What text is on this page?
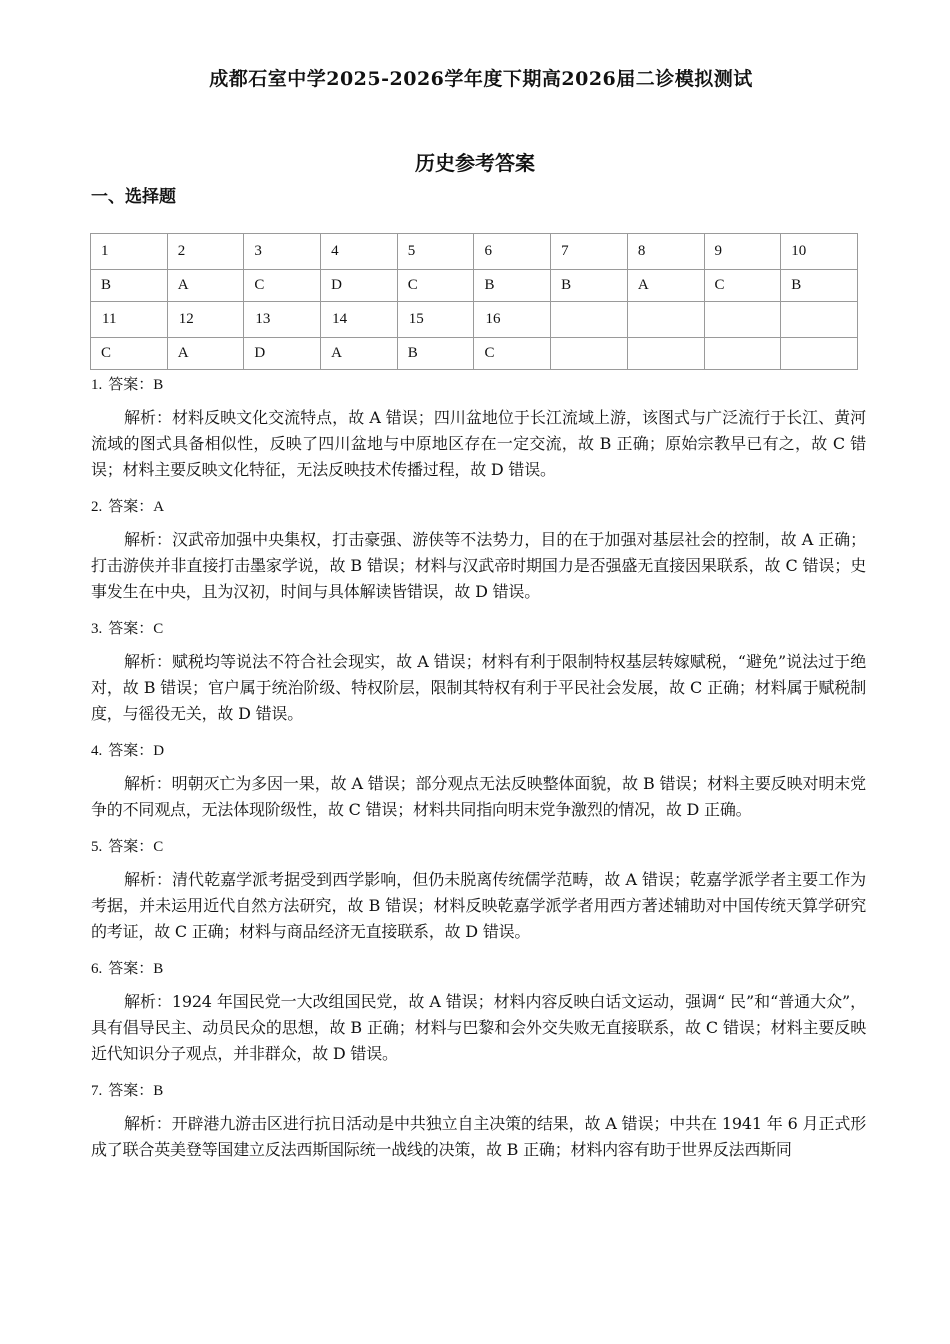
成都石室中学2025-2026学年度下期高2026届二诊模拟测试
历史参考答案
一、选择题
1	2	3	4	5	6	7	8	9	10
B	A	C	D	C	B	B	A	C	B
11	12	13	14	15	16				
C	A	D	A	B	C				
1. 答案：B

解析：材料反映文化交流特点，故 A 错误；四川盆地位于长江流域上游，该图式与广泛流行于长江、黄河流域的图式具备相似性，反映了四川盆地与中原地区存在一定交流，故 B 正确；原始宗教早已有之，故 C 错误；材料主要反映文化特征，无法反映技术传播过程，故 D 错误。

2. 答案：A

解析：汉武帝加强中央集权，打击豪强、游侠等不法势力，目的在于加强对基层社会的控制，故 A 正确；打击游侠并非直接打击墨家学说，故 B 错误；材料与汉武帝时期国力是否强盛无直接因果联系，故 C 错误；史事发生在中央，且为汉初，时间与具体解读皆错误，故 D 错误。

3. 答案：C

解析：赋税均等说法不符合社会现实，故 A 错误；材料有利于限制特权基层转嫁赋税，“避免”说法过于绝对，故 B 错误；官户属于统治阶级、特权阶层，限制其特权有利于平民社会发展，故 C 正确；材料属于赋税制度，与徭役无关，故 D 错误。

4. 答案：D

解析：明朝灭亡为多因一果，故 A 错误；部分观点无法反映整体面貌，故 B 错误；材料主要反映对明末党争的不同观点，无法体现阶级性，故 C 错误；材料共同指向明末党争激烈的情况，故 D 正确。

5. 答案：C

解析：清代乾嘉学派考据受到西学影响，但仍未脱离传统儒学范畴，故 A 错误；乾嘉学派学者主要工作为考据，并未运用近代自然方法研究，故 B 错误；材料反映乾嘉学派学者用西方著述辅助对中国传统天算学研究的考证，故 C 正确；材料与商品经济无直接联系，故 D 错误。

6. 答案：B

解析：1924 年国民党一大改组国民党，故 A 错误；材料内容反映白话文运动，强调“ 民”和“普通大众”，具有倡导民主、动员民众的思想，故 B 正确；材料与巴黎和会外交失败无直接联系，故 C 错误；材料主要反映近代知识分子观点，并非群众，故 D 错误。

7. 答案：B

解析：开辟港九游击区进行抗日活动是中共独立自主决策的结果，故 A 错误；中共在 1941 年 6 月正式形成了联合英美登等国建立反法西斯国际统一战线的决策，故 B 正确；材料内容有助于世界反法西斯同
